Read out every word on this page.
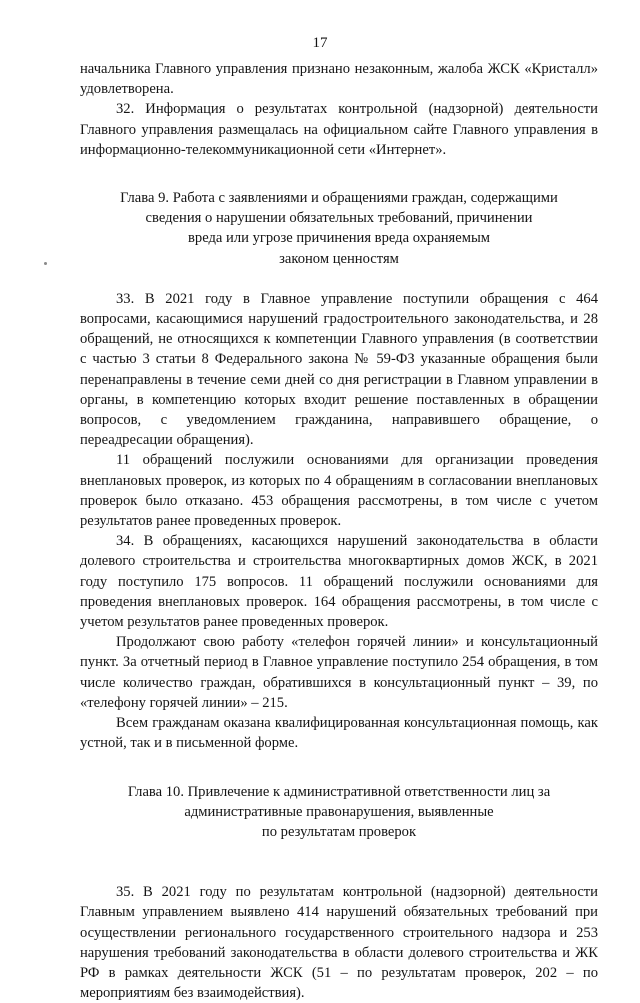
17

начальника Главного управления признано незаконным, жалоба ЖСК «Кристалл» удовлетворена.

32. Информация о результатах контрольной (надзорной) деятельности Главного управления размещалась на официальном сайте Главного управления в информационно-телекоммуникационной сети «Интернет».

Глава 9. Работа с заявлениями и обращениями граждан, содержащими
сведения о нарушении обязательных требований, причинении
вреда или угрозе причинения вреда охраняемым
законом ценностям

33. В 2021 году в Главное управление поступили обращения с 464 вопросами, касающимися нарушений градостроительного законодательства, и 28 обращений, не относящихся к компетенции Главного управления (в соответствии с частью 3 статьи 8 Федерального закона № 59-ФЗ указанные обращения были перенаправлены в течение семи дней со дня регистрации в Главном управлении в органы, в компетенцию которых входит решение поставленных в обращении вопросов, с уведомлением гражданина, направившего обращение, о переадресации обращения).

11 обращений послужили основаниями для организации проведения внеплановых проверок, из которых по 4 обращениям в согласовании внеплановых проверок было отказано. 453 обращения рассмотрены, в том числе с учетом результатов ранее проведенных проверок.

34. В обращениях, касающихся нарушений законодательства в области долевого строительства и строительства многоквартирных домов ЖСК, в 2021 году поступило 175 вопросов. 11 обращений послужили основаниями для проведения внеплановых проверок. 164 обращения рассмотрены, в том числе с учетом результатов ранее проведенных проверок.

Продолжают свою работу «телефон горячей линии» и консультационный пункт. За отчетный период в Главное управление поступило 254 обращения, в том числе количество граждан, обратившихся в консультационный пункт – 39, по «телефону горячей линии» – 215.

Всем гражданам оказана квалифицированная консультационная помощь, как устной, так и в письменной форме.

Глава 10. Привлечение к административной ответственности лиц за
административные правонарушения, выявленные
по результатам проверок

35. В 2021 году по результатам контрольной (надзорной) деятельности Главным управлением выявлено 414 нарушений обязательных требований при осуществлении регионального государственного строительного надзора и 253 нарушения требований законодательства в области долевого строительства и ЖК РФ в рамках деятельности ЖСК (51 – по результатам проверок, 202 – по мероприятиям без взаимодействия).
